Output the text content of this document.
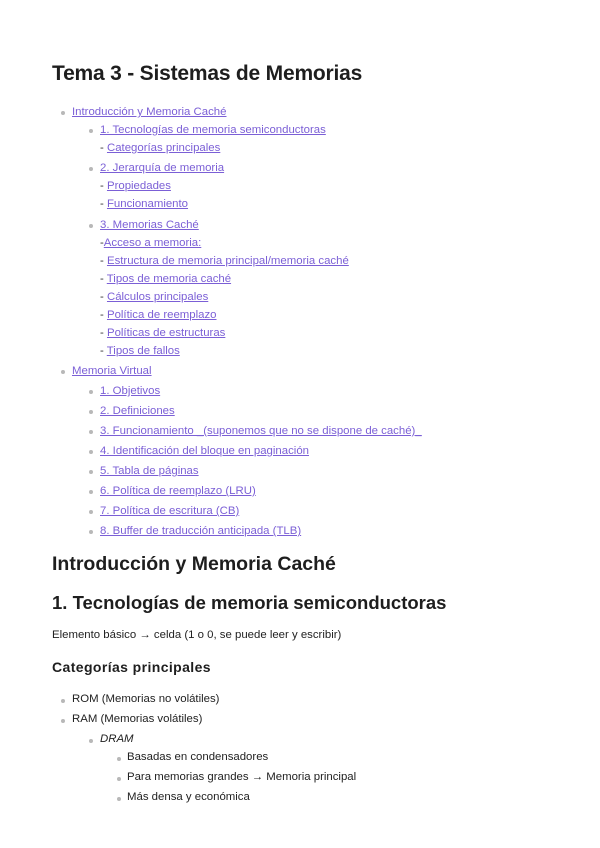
Tema 3 - Sistemas de Memorias
Introducción y Memoria Caché
1. Tecnologías de memoria semiconductoras
- Categorías principales
2. Jerarquía de memoria
- Propiedades
- Funcionamiento
3. Memorias Caché
-Acceso a memoria:
- Estructura de memoria principal/memoria caché
- Tipos de memoria caché
- Cálculos principales
- Política de reemplazo
- Políticas de estructuras
- Tipos de fallos
Memoria Virtual
1. Objetivos
2. Definiciones
3. Funcionamiento _(suponemos que no se dispone de caché)_
4. Identificación del bloque en paginación
5. Tabla de páginas
6. Política de reemplazo (LRU)
7. Política de escritura (CB)
8. Buffer de traducción anticipada (TLB)
Introducción y Memoria Caché
1. Tecnologías de memoria semiconductoras
Elemento básico → celda (1 o 0, se puede leer y escribir)
Categorías principales
ROM (Memorias no volátiles)
RAM (Memorias volátiles)
DRAM
Basadas en condensadores
Para memorias grandes → Memoria principal
Más densa y económica
